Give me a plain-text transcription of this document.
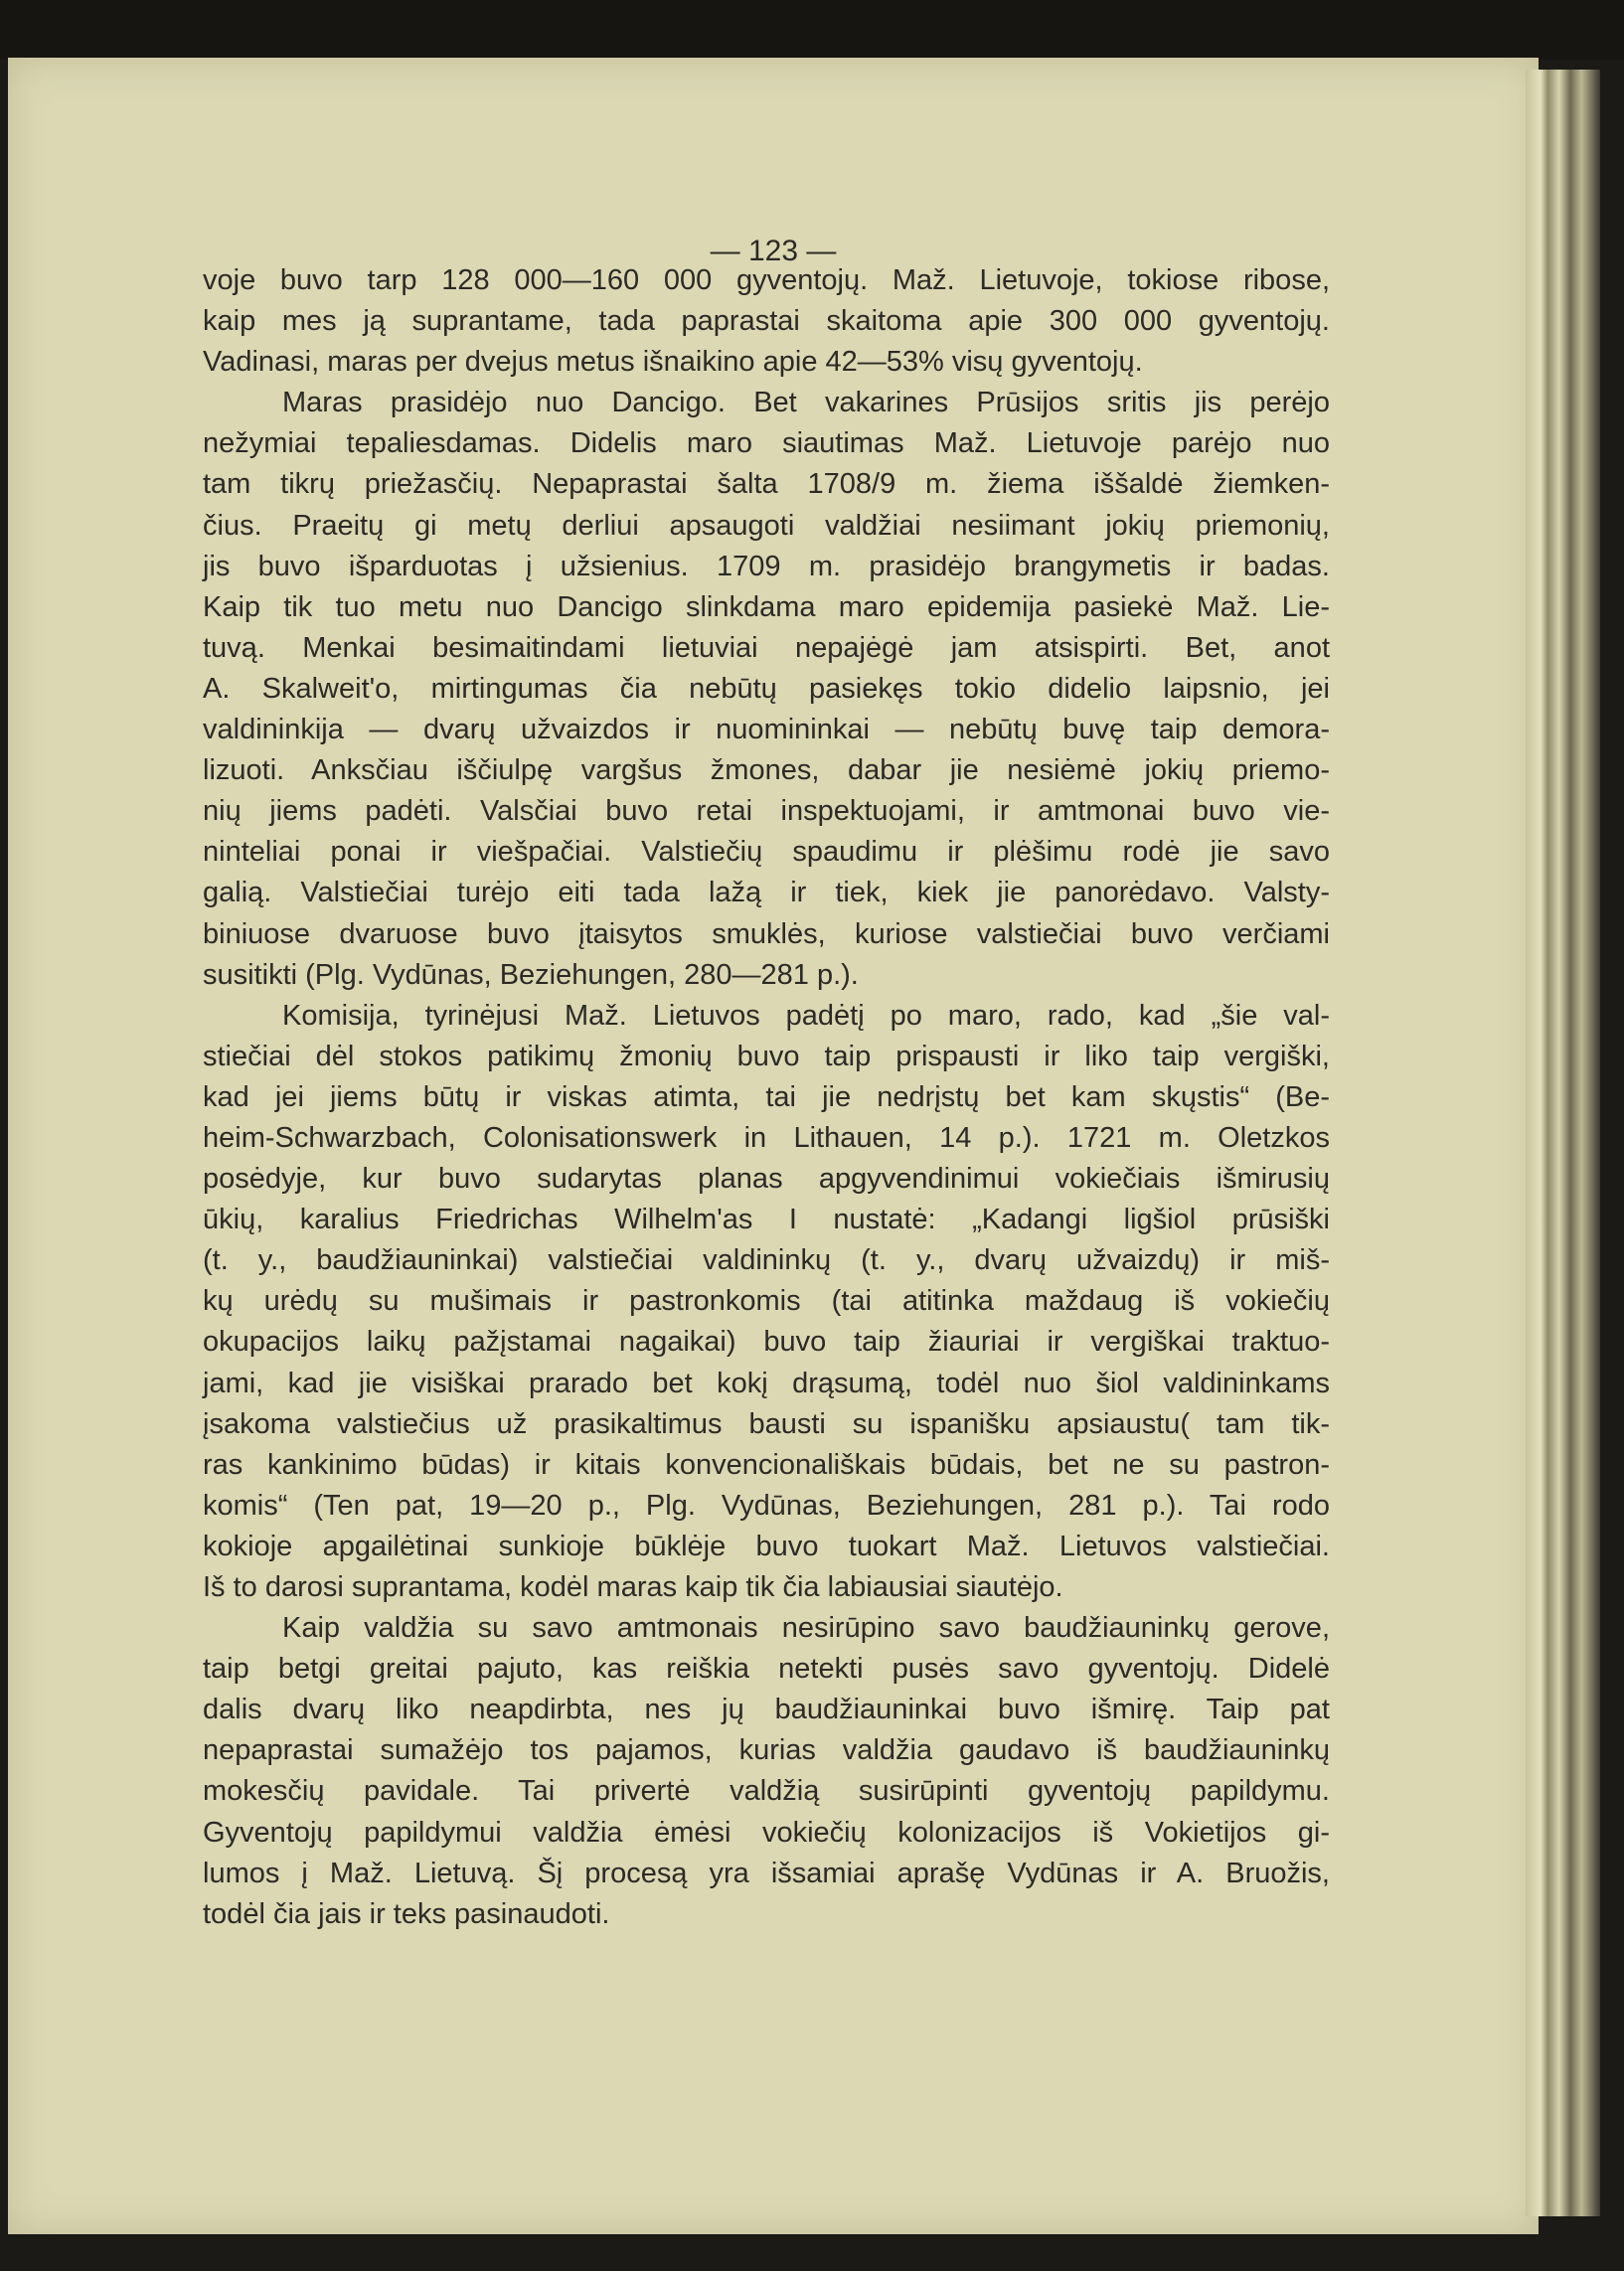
— 123 —
voje buvo tarp 128 000—160 000 gyventojų. Maž. Lietuvoje, tokiose ribose,
kaip mes ją suprantame, tada paprastai skaitoma apie 300 000 gyventojų.
Vadinasi, maras per dvejus metus išnaikino apie 42—53% visų gyventojų.
Maras prasidėjo nuo Dancigo. Bet vakarines Prūsijos sritis jis perėjo
nežymiai tepaliesdamas. Didelis maro siautimas Maž. Lietuvoje parėjo nuo
tam tikrų priežasčių. Nepaprastai šalta 1708/9 m. žiema iššaldė žiemken-
čius. Praeitų gi metų derliui apsaugoti valdžiai nesiimant jokių priemonių,
jis buvo išparduotas į užsienius. 1709 m. prasidėjo brangymetis ir badas.
Kaip tik tuo metu nuo Dancigo slinkdama maro epidemija pasiekė Maž. Lie-
tuvą. Menkai besimaitindami lietuviai nepajėgė jam atsispirti. Bet, anot
A. Skalweit'o, mirtingumas čia nebūtų pasiekęs tokio didelio laipsnio, jei
valdininkija — dvarų užvaizdos ir nuomininkai — nebūtų buvę taip demora-
lizuoti. Anksčiau iščiulpę vargšus žmones, dabar jie nesiėmė jokių priemo-
nių jiems padėti. Valsčiai buvo retai inspektuojami, ir amtmonai buvo vie-
ninteliai ponai ir viešpačiai. Valstiečių spaudimu ir plėšimu rodė jie savo
galią. Valstiečiai turėjo eiti tada lažą ir tiek, kiek jie panorėdavo. Valsty-
biniuose dvaruose buvo įtaisytos smuklės, kuriose valstiečiai buvo verčiami
susitikti (Plg. Vydūnas, Beziehungen, 280—281 p.).
Komisija, tyrinėjusi Maž. Lietuvos padėtį po maro, rado, kad „šie val-
stiečiai dėl stokos patikimų žmonių buvo taip prispausti ir liko taip vergiški,
kad jei jiems būtų ir viskas atimta, tai jie nedrįstų bet kam skųstis“ (Be-
heim-Schwarzbach, Colonisationswerk in Lithauen, 14 p.). 1721 m. Oletzkos
posėdyje, kur buvo sudarytas planas apgyvendinimui vokiečiais išmirusių
ūkių, karalius Friedrichas Wilhelm'as I nustatė: „Kadangi ligšiol prūsiški
(t. y., baudžiauninkai) valstiečiai valdininkų (t. y., dvarų užvaizdų) ir miš-
kų urėdų su mušimais ir pastronkomis (tai atitinka maždaug iš vokiečių
okupacijos laikų pažįstamai nagaikai) buvo taip žiauriai ir vergiškai traktuo-
jami, kad jie visiškai prarado bet kokį drąsumą, todėl nuo šiol valdininkams
įsakoma valstiečius už prasikaltimus bausti su ispanišku apsiaustu( tam tik-
ras kankinimo būdas) ir kitais konvencionališkais būdais, bet ne su pastron-
komis“ (Ten pat, 19—20 p., Plg. Vydūnas, Beziehungen, 281 p.). Tai rodo
kokioje apgailėtinai sunkioje būklėje buvo tuokart Maž. Lietuvos valstiečiai.
Iš to darosi suprantama, kodėl maras kaip tik čia labiausiai siautėjo.
Kaip valdžia su savo amtmonais nesirūpino savo baudžiauninkų gerove,
taip betgi greitai pajuto, kas reiškia netekti pusės savo gyventojų. Didelė
dalis dvarų liko neapdirbta, nes jų baudžiauninkai buvo išmirę. Taip pat
nepaprastai sumažėjo tos pajamos, kurias valdžia gaudavo iš baudžiauninkų
mokesčių pavidale. Tai privertė valdžią susirūpinti gyventojų papildymu.
Gyventojų papildymui valdžia ėmėsi vokiečių kolonizacijos iš Vokietijos gi-
lumos į Maž. Lietuvą. Šį procesą yra išsamiai aprašę Vydūnas ir A. Bruožis,
todėl čia jais ir teks pasinaudoti.
